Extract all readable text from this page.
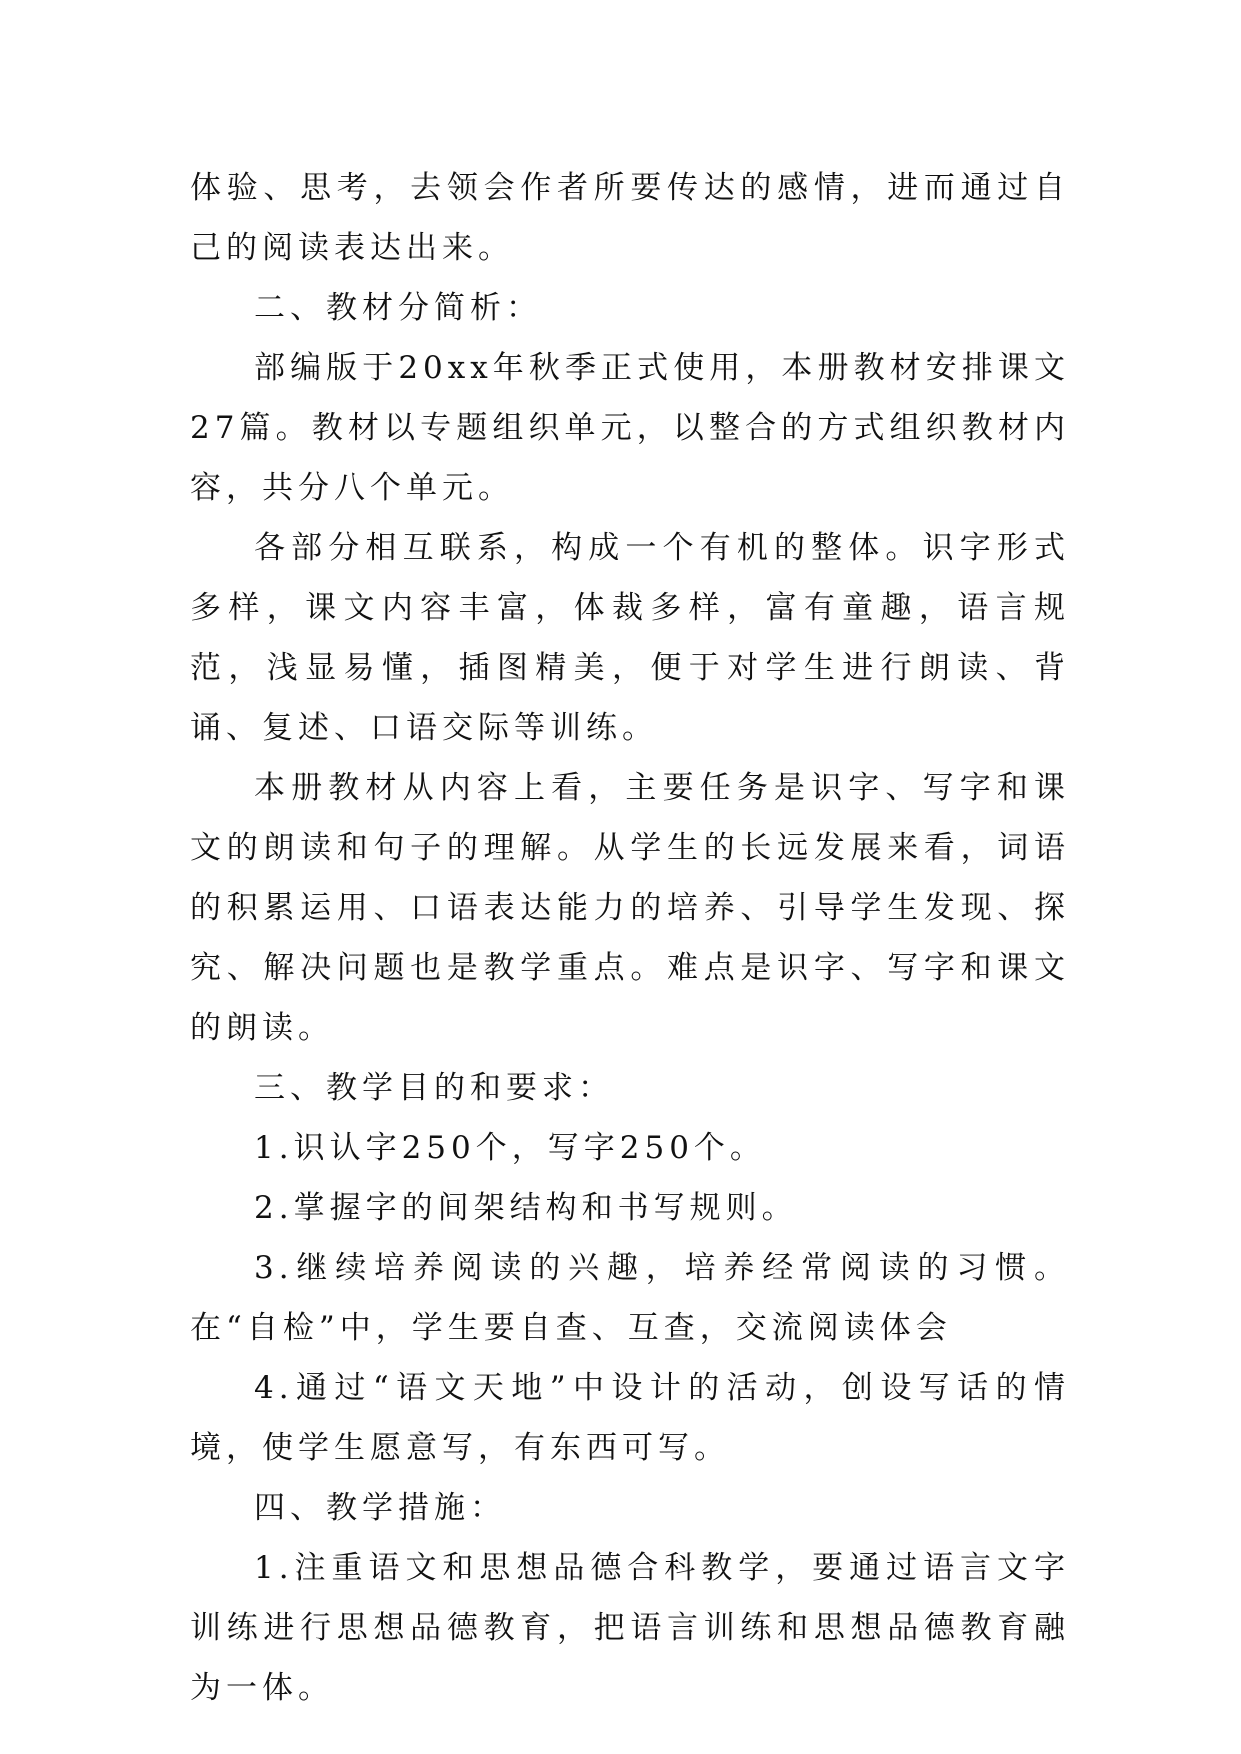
体验、思考，去领会作者所要传达的感情，进而通过自己的阅读表达出来。

二、教材分简析：

部编版于20xx年秋季正式使用，本册教材安排课文27篇。教材以专题组织单元，以整合的方式组织教材内容，共分八个单元。

各部分相互联系，构成一个有机的整体。识字形式多样，课文内容丰富，体裁多样，富有童趣，语言规范，浅显易懂，插图精美，便于对学生进行朗读、背诵、复述、口语交际等训练。

本册教材从内容上看，主要任务是识字、写字和课文的朗读和句子的理解。从学生的长远发展来看，词语的积累运用、口语表达能力的培养、引导学生发现、探究、解决问题也是教学重点。难点是识字、写字和课文的朗读。

三、教学目的和要求：

1.识认字250个，写字250个。

2.掌握字的间架结构和书写规则。

3.继续培养阅读的兴趣，培养经常阅读的习惯。在“自检”中，学生要自查、互查，交流阅读体会

4.通过“语文天地”中设计的活动，创设写话的情境，使学生愿意写，有东西可写。

四、教学措施：

1.注重语文和思想品德合科教学，要通过语言文字训练进行思想品德教育，把语言训练和思想品德教育融为一体。
